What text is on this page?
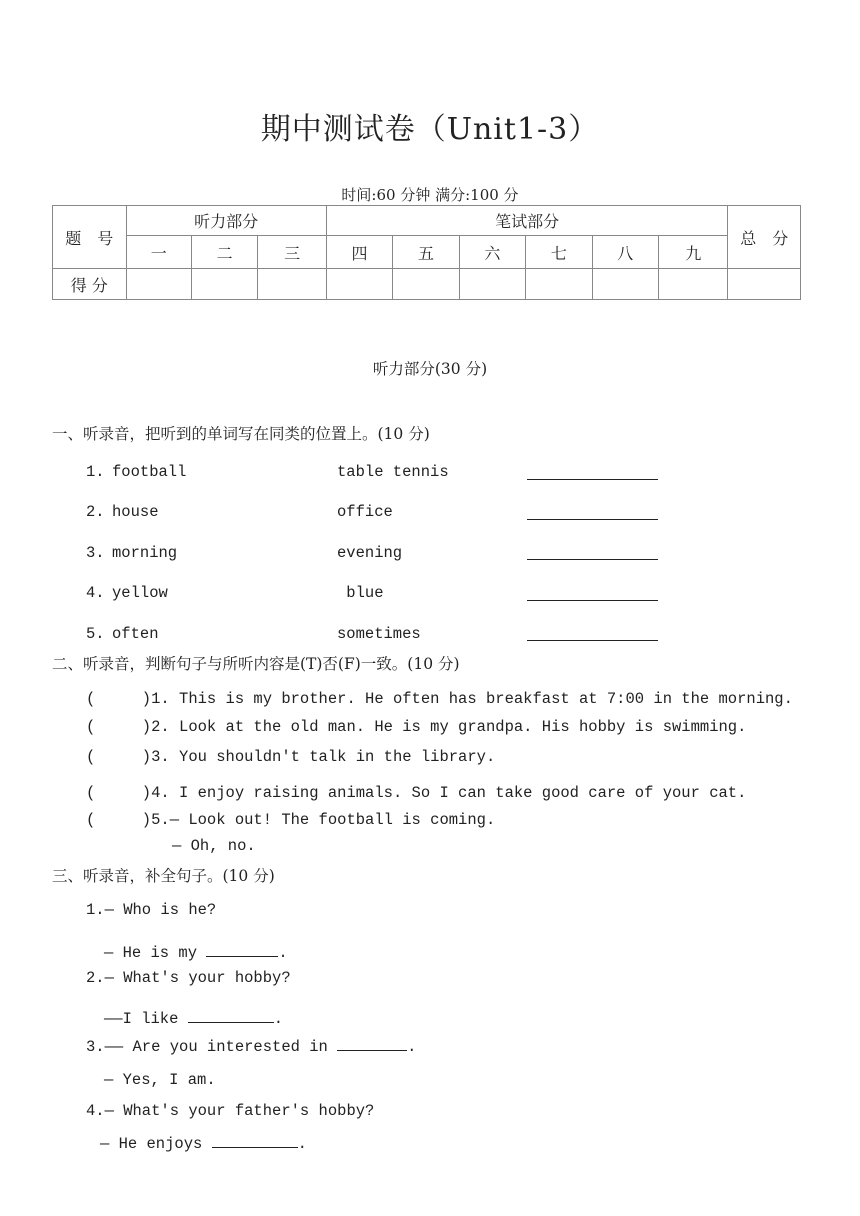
期中测试卷（Unit1-3）
时间:60 分钟 满分:100 分
题　号	听力部分			笔试部分						总　分
	一	二	三	四	五	六	七	八	九	
得 分										
听力部分(30 分)
一、听录音，把听到的单词写在同类的位置上。(10 分)
1. football	table tennis
2. house	office
3. morning	evening
4. yellow	blue
5. often	sometimes
二、听录音，判断句子与所听内容是(T)否(F)一致。(10 分)
(     )1. This is my brother. He often has breakfast at 7:00 in the morning.
(     )2. Look at the old man. He is my grandpa. His hobby is swimming.
(     )3. You shouldn't talk in the library.
(     )4. I enjoy raising animals. So I can take good care of your cat.
(     )5.— Look out! The football is coming.
— Oh, no.
三、听录音，补全句子。(10 分)
1.— Who is he?
— He is my	.
2.— What's your hobby?
——I like	.
3.—— Are you interested in	.
— Yes, I am.
4.— What's your father's hobby?
— He enjoys	.
